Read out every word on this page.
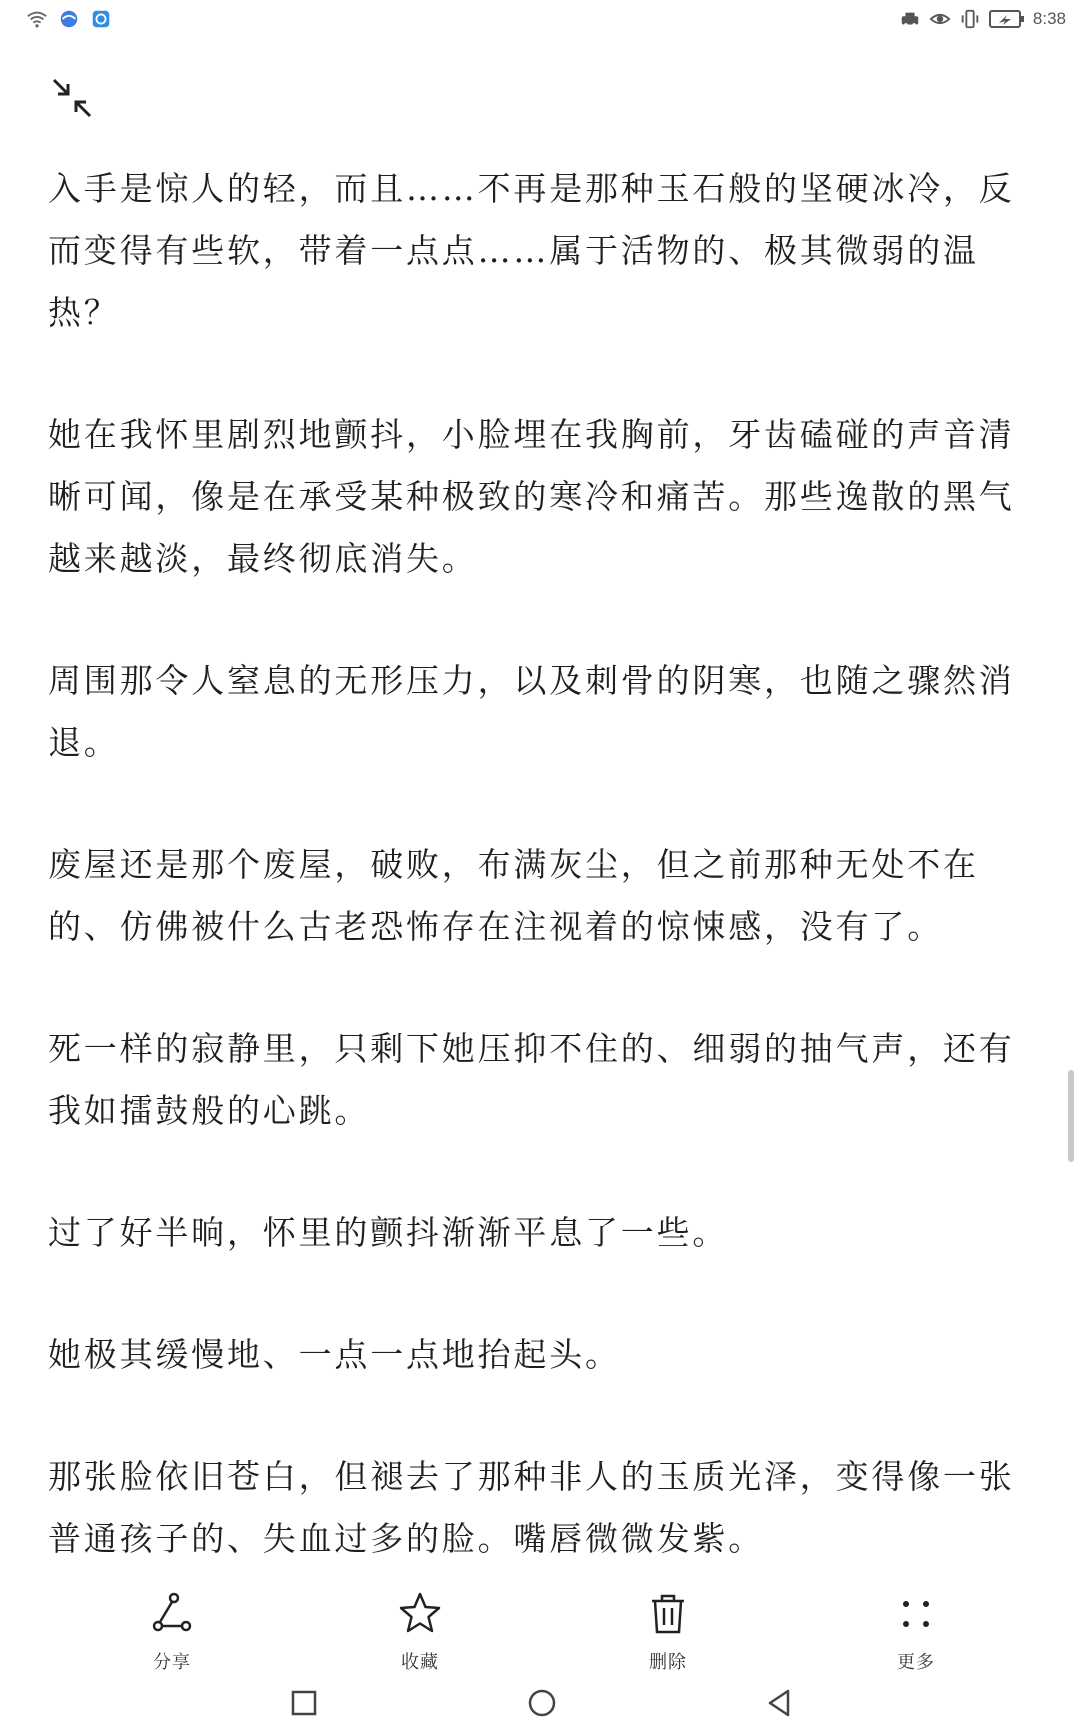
8:38

入手是惊人的轻，而且……不再是那种玉石般的坚硬冰冷，反而变得有些软，带着一点点……属于活物的、极其微弱的温热？

她在我怀里剧烈地颤抖，小脸埋在我胸前，牙齿磕碰的声音清晰可闻，像是在承受某种极致的寒冷和痛苦。那些逸散的黑气越来越淡，最终彻底消失。

周围那令人窒息的无形压力，以及刺骨的阴寒，也随之骤然消退。

废屋还是那个废屋，破败，布满灰尘，但之前那种无处不在的、仿佛被什么古老恐怖存在注视着的惊悚感，没有了。

死一样的寂静里，只剩下她压抑不住的、细弱的抽气声，还有我如擂鼓般的心跳。

过了好半晌，怀里的颤抖渐渐平息了一些。

她极其缓慢地、一点一点地抬起头。

那张脸依旧苍白，但褪去了那种非人的玉质光泽，变得像一张普通孩子的、失血过多的脸。嘴唇微微发紫。

分享	收藏	删除	更多
